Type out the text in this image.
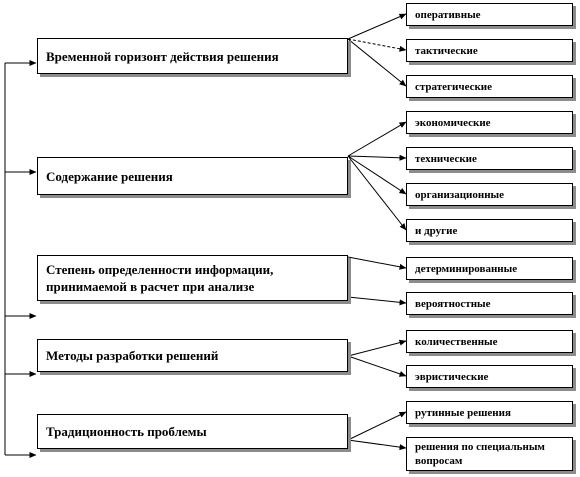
Временной горизонт действия решения
Содержание решения
Степень определенности информации, принимаемой в расчет при анализе
Методы разработки решений
Традиционность проблемы
оперативные
тактические
стратегические
экономические
технические
организационные
и другие
детерминированные
вероятностные
количественные
эвристические
рутинные решения
решения по специальным вопросам
